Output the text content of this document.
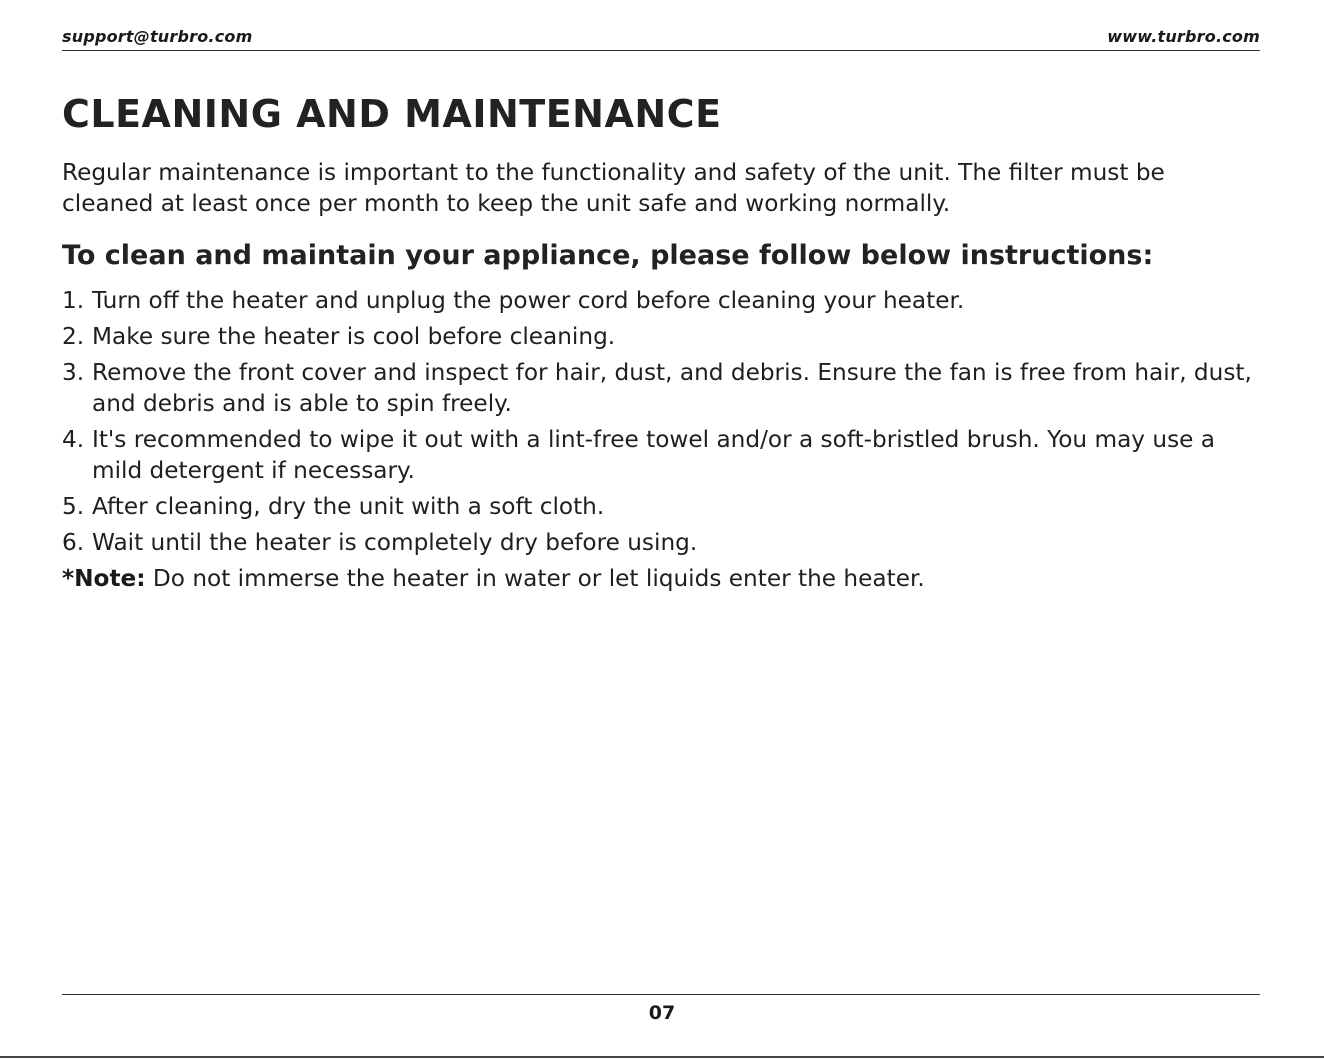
support@turbro.com	www.turbro.com
CLEANING AND MAINTENANCE

Regular maintenance is important to the functionality and safety of the unit. The filter must be cleaned at least once per month to keep the unit safe and working normally.

To clean and maintain your appliance, please follow below instructions:
1. Turn off the heater and unplug the power cord before cleaning your heater.
2. Make sure the heater is cool before cleaning.
3. Remove the front cover and inspect for hair, dust, and debris. Ensure the fan is free from hair, dust, and debris and is able to spin freely.
4. It's recommended to wipe it out with a lint-free towel and/or a soft-bristled brush. You may use a mild detergent if necessary.
5. After cleaning, dry the unit with a soft cloth.
6. Wait until the heater is completely dry before using.

*Note: Do not immerse the heater in water or let liquids enter the heater.

07
